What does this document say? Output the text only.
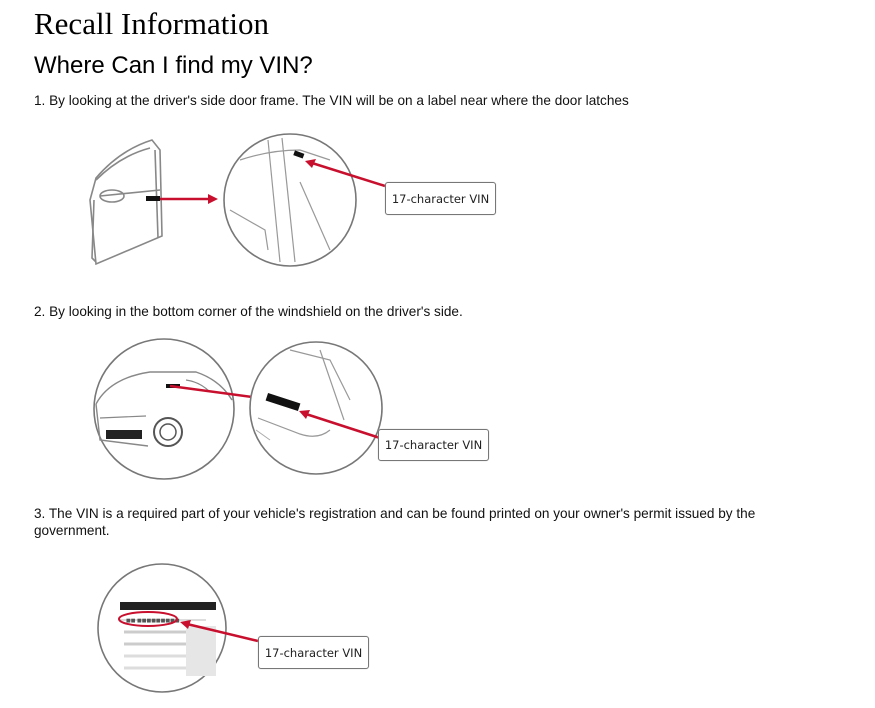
Recall Information
Where Can I find my VIN?

1. By looking at the driver's side door frame. The VIN will be on a label near where the door latches

2. By looking in the bottom corner of the windshield on the driver's side.

3. The VIN is a required part of your vehicle's registration and can be found printed on your owner's permit issued by the government.

17-character VIN
17-character VIN
■■ ■■■■■■■■■
17-character VIN
